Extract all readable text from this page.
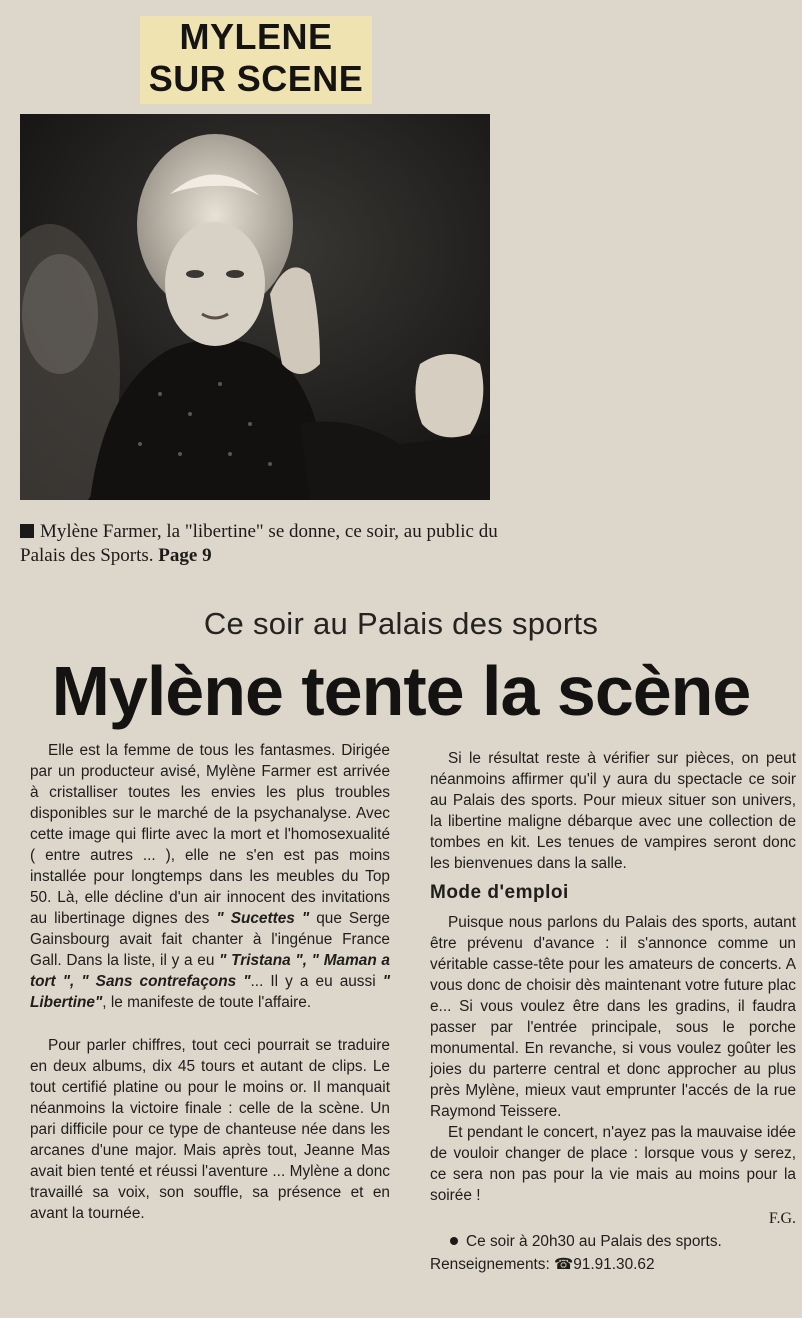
MYLENE
SUR SCENE
Mylène Farmer, la "libertine" se donne, ce soir, au public du Palais des Sports. Page 9
Ce soir au Palais des sports
Mylène tente la scène

Elle est la femme de tous les fantasmes. Dirigée par un producteur avisé, Mylène Farmer est arrivée à cristalliser toutes les envies les plus troubles disponibles sur le marché de la psychanalyse. Avec cette image qui flirte avec la mort et l'homosexualité ( entre autres ... ), elle ne s'en est pas moins installée pour longtemps dans les meubles du Top 50. Là, elle décline d'un air innocent des invitations au libertinage dignes des " Sucettes " que Serge Gainsbourg avait fait chanter à l'ingénue France Gall. Dans la liste, il y a eu " Tristana ", " Maman a tort ", " Sans contrefaçons "... Il y a eu aussi " Libertine", le manifeste de toute l'affaire.

Pour parler chiffres, tout ceci pourrait se traduire en deux albums, dix 45 tours et autant de clips. Le tout certifié platine ou pour le moins or. Il manquait néanmoins la victoire finale : celle de la scène. Un pari difficile pour ce type de chanteuse née dans les arcanes d'une major. Mais après tout, Jeanne Mas avait bien tenté et réussi l'aventure ... Mylène a donc travaillé sa voix, son souffle, sa présence et en avant la tournée.

Si le résultat reste à vérifier sur pièces, on peut néanmoins affirmer qu'il y aura du spectacle ce soir au Palais des sports. Pour mieux situer son univers, la libertine maligne débarque avec une collection de tombes en kit. Les tenues de vampires seront donc les bienvenues dans la salle.

Mode d'emploi

Puisque nous parlons du Palais des sports, autant être prévenu d'avance : il s'annonce comme un véritable casse-tête pour les amateurs de concerts. A vous donc de choisir dès maintenant votre future plac e... Si vous voulez être dans les gradins, il faudra passer par l'entrée principale, sous le porche monumental. En revanche, si vous voulez goûter les joies du parterre central et donc approcher au plus près Mylène, mieux vaut emprunter l'accés de la rue Raymond Teissere.

Et pendant le concert, n'ayez pas la mauvaise idée de vouloir changer de place : lorsque vous y serez, ce sera non pas pour la vie mais au moins pour la soirée !

F.G.
Ce soir à 20h30 au Palais des sports.
Renseignements: ☎91.91.30.62
